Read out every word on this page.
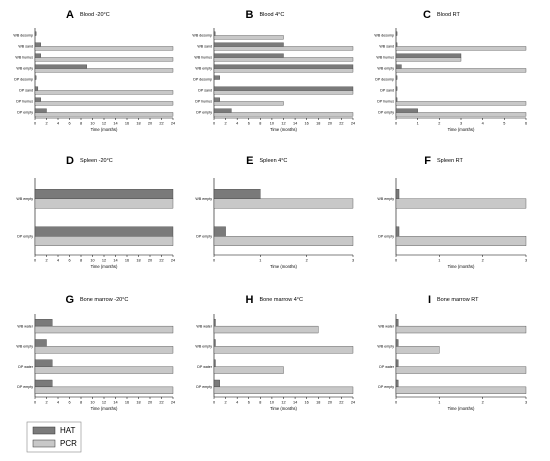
A Blood -20°C
0 2 4 6 8 10 12 14 16 18 20 22 24
Time (months)
WB desomp
WB sand
WB humus
WB empty
DP desomp
DP sand
DP humus
DP empty
B Blood 4°C
0 2 4 6 8 10 12 14 16 18 20 22 24
Time (months)
WB desomp
WB sand
WB humus
WB empty
DP desomp
DP sand
DP humus
DP empty
C Blood RT
0	1	2	3	4	5	6
Time (months)
WB desomp
WB sand
WB humus
WB empty
DP desomp
DP sand
DP humus
DP empty
D Spleen -20°C
0 2 4 6 8 10 12 14 16 18 20 22 24
Time (months)
WB empty
DP empty
E Spleen 4°C
0	1	2	3
Time (months)
WB empty
DP empty
F Spleen RT
0	1	2	3
Time (months)
WB empty
DP empty
G Bone marrow -20°C
0 2 4 6 8 10 12 14 16 18 20 22 24
Time (months)
WB water
WB empty
DP water
DP empty
H Bone marrow 4°C
0 2 4 6 8 10 12 14 16 18 20 22 24
Time (months)
WB water
WB empty
DP water
DP empty
I Bone marrow RT
0	1	2	3
Time (months)
WB water
WB empty
DP water
DP empty
HAT
PCR
